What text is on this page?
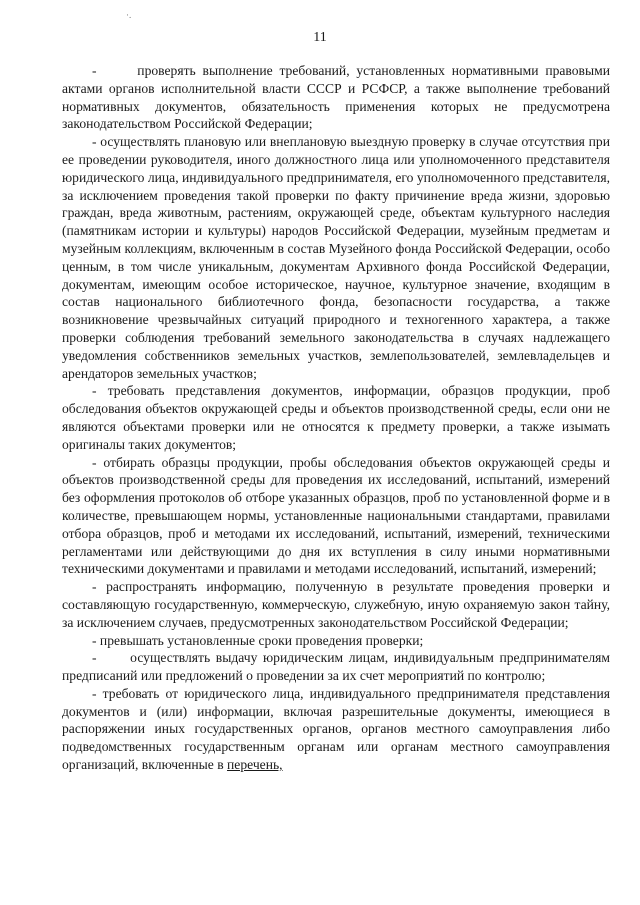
·.
11

-      проверять выполнение требований, установленных нормативными правовыми актами органов исполнительной власти СССР и РСФСР, а также выполнение требований нормативных документов, обязательность применения которых не предусмотрена законодательством Российской Федерации;

- осуществлять плановую или внеплановую выездную проверку в случае отсутствия при ее проведении руководителя, иного должностного лица или уполномоченного представителя юридического лица, индивидуального предпринимателя, его уполномоченного представителя, за исключением проведения такой проверки по факту причинение вреда жизни, здоровью граждан, вреда животным, растениям, окружающей среде, объектам культурного наследия (памятникам истории и культуры) народов Российской Федерации, музейным предметам и музейным коллекциям, включенным в состав Музейного фонда Российской Федерации, особо ценным, в том числе уникальным, документам Архивного фонда Российской Федерации, документам, имеющим особое историческое, научное, культурное значение, входящим в состав национального библиотечного фонда, безопасности государства, а также возникновение чрезвычайных ситуаций природного и техногенного характера, а также проверки соблюдения требований земельного законодательства в случаях надлежащего уведомления собственников земельных участков, землепользователей, землевладельцев и арендаторов земельных участков;

- требовать представления документов, информации, образцов продукции, проб обследования объектов окружающей среды и объектов производственной среды, если они не являются объектами проверки или не относятся к предмету проверки, а также изымать оригиналы таких документов;

- отбирать образцы продукции, пробы обследования объектов окружающей среды и объектов производственной среды для проведения их исследований, испытаний, измерений без оформления протоколов об отборе указанных образцов, проб по установленной форме и в количестве, превышающем нормы, установленные национальными стандартами, правилами отбора образцов, проб и методами их исследований, испытаний, измерений, техническими регламентами или действующими до дня их вступления в силу иными нормативными техническими документами и правилами и методами исследований, испытаний, измерений;

- распространять информацию, полученную в результате проведения проверки и составляющую государственную, коммерческую, служебную, иную охраняемую закон тайну, за исключением случаев, предусмотренных законодательством Российской Федерации;

- превышать установленные сроки проведения проверки;

-      осуществлять выдачу юридическим лицам, индивидуальным предпринимателям предписаний или предложений о проведении за их счет мероприятий по контролю;

- требовать от юридического лица, индивидуального предпринимателя представления документов и (или) информации, включая разрешительные документы, имеющиеся в распоряжении иных государственных органов, органов местного самоуправления либо подведомственных государственным органам или органам местного самоуправления организаций, включенные в перечень,
